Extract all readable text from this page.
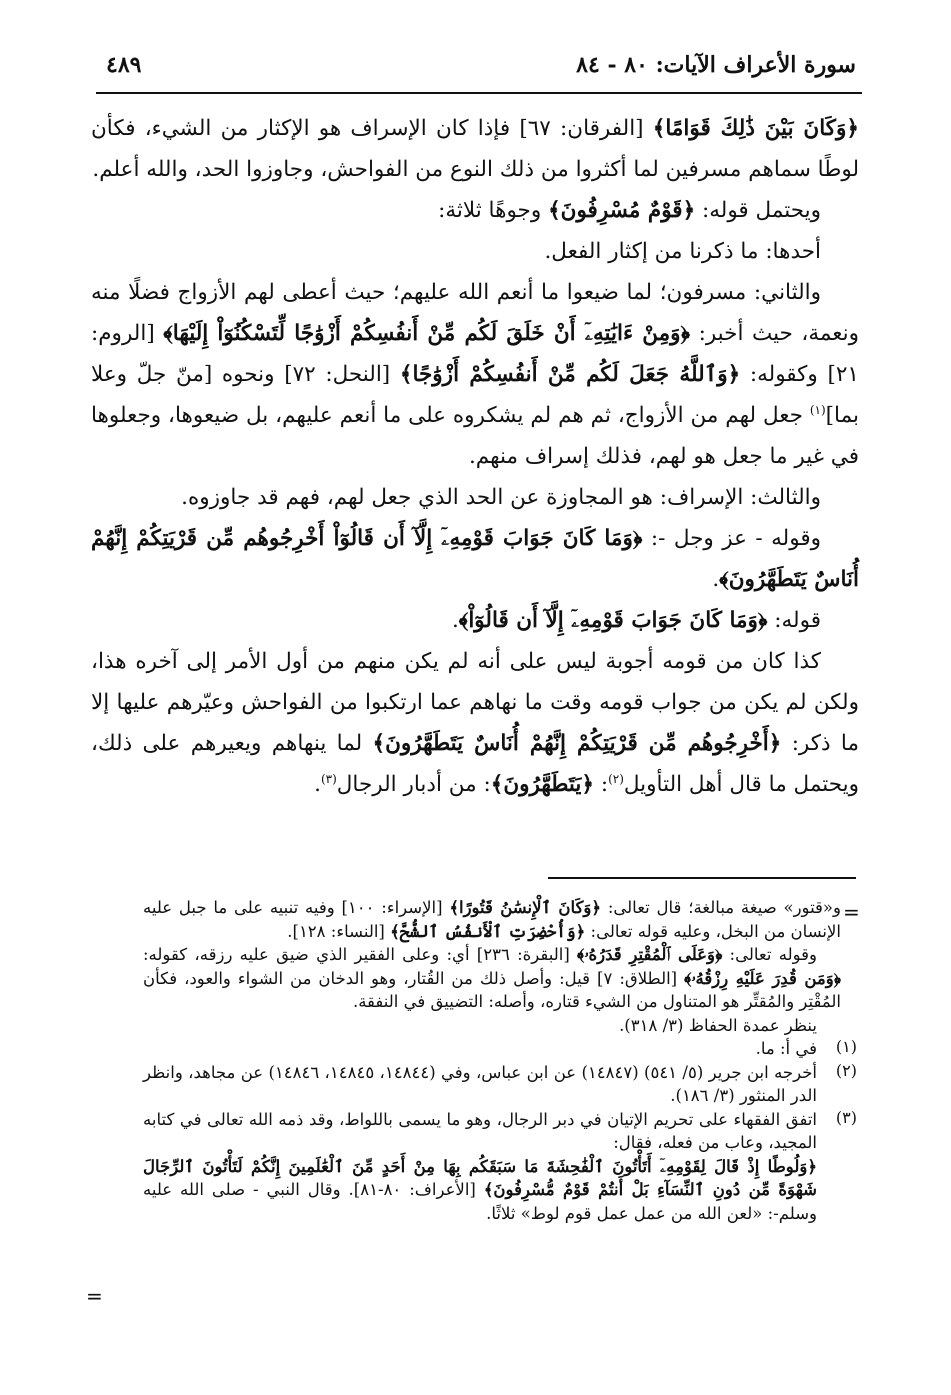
سورة الأعراف الآيات: ٨٠ - ٨٤
٤٨٩

﴿وَكَانَ بَيْنَ ذَٰلِكَ قَوَامًا﴾ [الفرقان: ٦٧] فإذا كان الإسراف هو الإكثار من الشيء، فكأن لوطًا سماهم مسرفين لما أكثروا من ذلك النوع من الفواحش، وجاوزوا الحد، والله أعلم.

ويحتمل قوله: ﴿قَوْمٌ مُسْرِفُونَ﴾ وجوهًا ثلاثة:

أحدها: ما ذكرنا من إكثار الفعل.

والثاني: مسرفون؛ لما ضيعوا ما أنعم الله عليهم؛ حيث أعطى لهم الأزواج فضلًا منه ونعمة، حيث أخبر: ﴿وَمِنْ ءَايَٰتِهِۦٓ أَنْ خَلَقَ لَكُم مِّنْ أَنفُسِكُمْ أَزْوَٰجًا لِّتَسْكُنُوٓاْ إِلَيْهَا﴾ [الروم: ٢١] وكقوله: ﴿وَٱللَّهُ جَعَلَ لَكُم مِّنْ أَنفُسِكُمْ أَزْوَٰجًا﴾ [النحل: ٧٢] ونحوه [منّ جلّ وعلا بما]$^{(١)}$ جعل لهم من الأزواج، ثم هم لم يشكروه على ما أنعم عليهم، بل ضيعوها، وجعلوها في غير ما جعل هو لهم، فذلك إسراف منهم.

والثالث: الإسراف: هو المجاوزة عن الحد الذي جعل لهم، فهم قد جاوزوه.

وقوله - عز وجل -: ﴿وَمَا كَانَ جَوَابَ قَوْمِهِۦٓ إِلَّآ أَن قَالُوٓاْ أَخْرِجُوهُم مِّن قَرْيَتِكُمْ إِنَّهُمْ أُنَاسٌ يَتَطَهَّرُونَ﴾.

قوله: ﴿وَمَا كَانَ جَوَابَ قَوْمِهِۦٓ إِلَّآ أَن قَالُوٓاْ﴾.

كذا كان من قومه أجوبة ليس على أنه لم يكن منهم من أول الأمر إلى آخره هذا، ولكن لم يكن من جواب قومه وقت ما نهاهم عما ارتكبوا من الفواحش وعيّرهم عليها إلا ما ذكر: ﴿أَخْرِجُوهُم مِّن قَرْيَتِكُمْ إِنَّهُمْ أُنَاسٌ يَتَطَهَّرُونَ﴾ لما ينهاهم ويعيرهم على ذلك، ويحتمل ما قال أهل التأويل$^{(٢)}$: ﴿يَتَطَهَّرُونَ﴾: من أدبار الرجال$^{(٣)}$.

=

و«قتور» صيغة مبالغة؛ قال تعالى: ﴿وَكَانَ ٱلْإِنسَٰنُ قَتُورًا﴾ [الإسراء: ١٠٠] وفيه تنبيه على ما جبل عليه الإنسان من البخل، وعليه قوله تعالى: ﴿وَأُحْضِرَتِ ٱلْأَنفُسُ ٱلشُّحَّ﴾ [النساء: ١٢٨].

وقوله تعالى: ﴿وَعَلَى ٱلْمُقْتِرِ قَدَرُهُۥ﴾ [البقرة: ٢٣٦] أي: وعلى الفقير الذي ضيق عليه رزقه، كقوله: ﴿وَمَن قُدِرَ عَلَيْهِ رِزْقُهُۥ﴾ [الطلاق: ٧] قيل: وأصل ذلك من القُتار، وهو الدخان من الشواء والعود، فكأن المُقْتِر والمُقتِّر هو المتناول من الشيء قتاره، وأصله: التضييق في النفقة.

ينظر عمدة الحفاظ (٣/ ٣١٨).

( ١ )

في أ: ما.

( ٢ )

أخرجه ابن جرير (٥/ ٥٤١) (١٤٨٤٧) عن ابن عباس، وفي (١٤٨٤٤، ١٤٨٤٥، ١٤٨٤٦) عن مجاهد، وانظر الدر المنثور (٣/ ١٨٦).

( ٣ )

اتفق الفقهاء على تحريم الإتيان في دبر الرجال، وهو ما يسمى باللواط، وقد ذمه الله تعالى في كتابه المجيد، وعاب من فعله، فقال:

﴿وَلُوطًا إِذْ قَالَ لِقَوْمِهِۦٓ أَتَأْتُونَ ٱلْفَٰحِشَةَ مَا سَبَقَكُم بِهَا مِنْ أَحَدٍ مِّنَ ٱلْعَٰلَمِينَ إِنَّكُمْ لَتَأْتُونَ ٱلرِّجَالَ شَهْوَةً مِّن دُونِ ٱلنِّسَآءِ بَلْ أَنتُمْ قَوْمٌ مُّسْرِفُونَ﴾ [الأعراف: ٨٠-٨١]. وقال النبي - صلى الله عليه وسلم-: «لعن الله من عمل عمل قوم لوط» ثلاثًا.

=
